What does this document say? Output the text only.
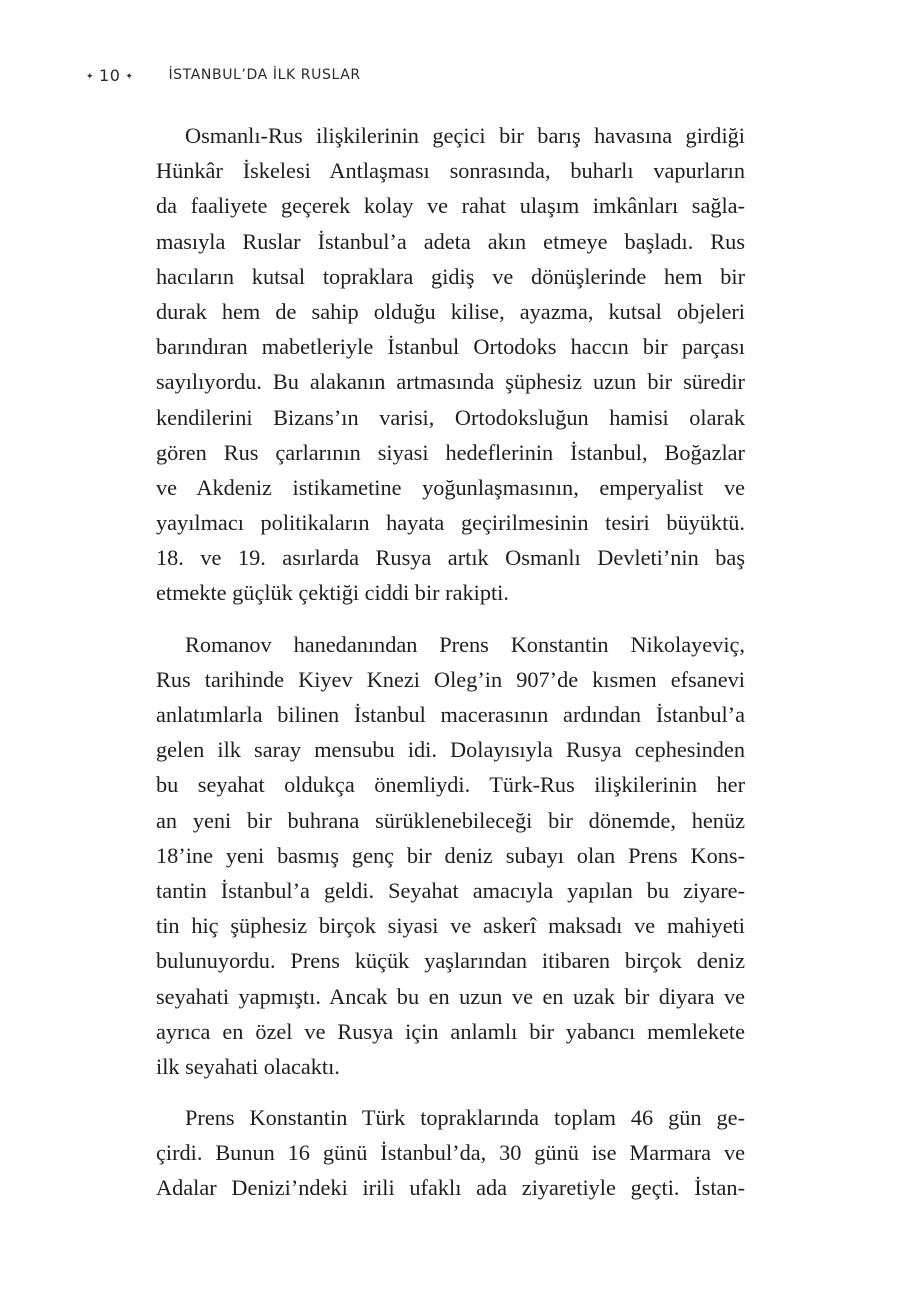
✦ 10 ✦	İSTANBUL’DA İLK RUSLAR

Osmanlı-Rus ilişkilerinin geçici bir barış havasına girdiği
Hünkâr İskelesi Antlaşması sonrasında, buharlı vapurların
da faaliyete geçerek kolay ve rahat ulaşım imkânları sağla-
masıyla Ruslar İstanbul’a adeta akın etmeye başladı. Rus
hacıların kutsal topraklara gidiş ve dönüşlerinde hem bir
durak hem de sahip olduğu kilise, ayazma, kutsal objeleri
barındıran mabetleriyle İstanbul Ortodoks haccın bir parçası
sayılıyordu. Bu alakanın artmasında şüphesiz uzun bir süredir
kendilerini Bizans’ın varisi, Ortodoksluğun hamisi olarak
gören Rus çarlarının siyasi hedeflerinin İstanbul, Boğazlar
ve Akdeniz istikametine yoğunlaşmasının, emperyalist ve
yayılmacı politikaların hayata geçirilmesinin tesiri büyüktü.
18. ve 19. asırlarda Rusya artık Osmanlı Devleti’nin baş
etmekte güçlük çektiği ciddi bir rakipti.

Romanov hanedanından Prens Konstantin Nikolayeviç,
Rus tarihinde Kiyev Knezi Oleg’in 907’de kısmen efsanevi
anlatımlarla bilinen İstanbul macerasının ardından İstanbul’a
gelen ilk saray mensubu idi. Dolayısıyla Rusya cephesinden
bu seyahat oldukça önemliydi. Türk-Rus ilişkilerinin her
an yeni bir buhrana sürüklenebileceği bir dönemde, henüz
18’ine yeni basmış genç bir deniz subayı olan Prens Kons-
tantin İstanbul’a geldi. Seyahat amacıyla yapılan bu ziyare-
tin hiç şüphesiz birçok siyasi ve askerî maksadı ve mahiyeti
bulunuyordu. Prens küçük yaşlarından itibaren birçok deniz
seyahati yapmıştı. Ancak bu en uzun ve en uzak bir diyara ve
ayrıca en özel ve Rusya için anlamlı bir yabancı memlekete
ilk seyahati olacaktı.

Prens Konstantin Türk topraklarında toplam 46 gün ge-
çirdi. Bunun 16 günü İstanbul’da, 30 günü ise Marmara ve
Adalar Denizi’ndeki irili ufaklı ada ziyaretiyle geçti. İstan-
